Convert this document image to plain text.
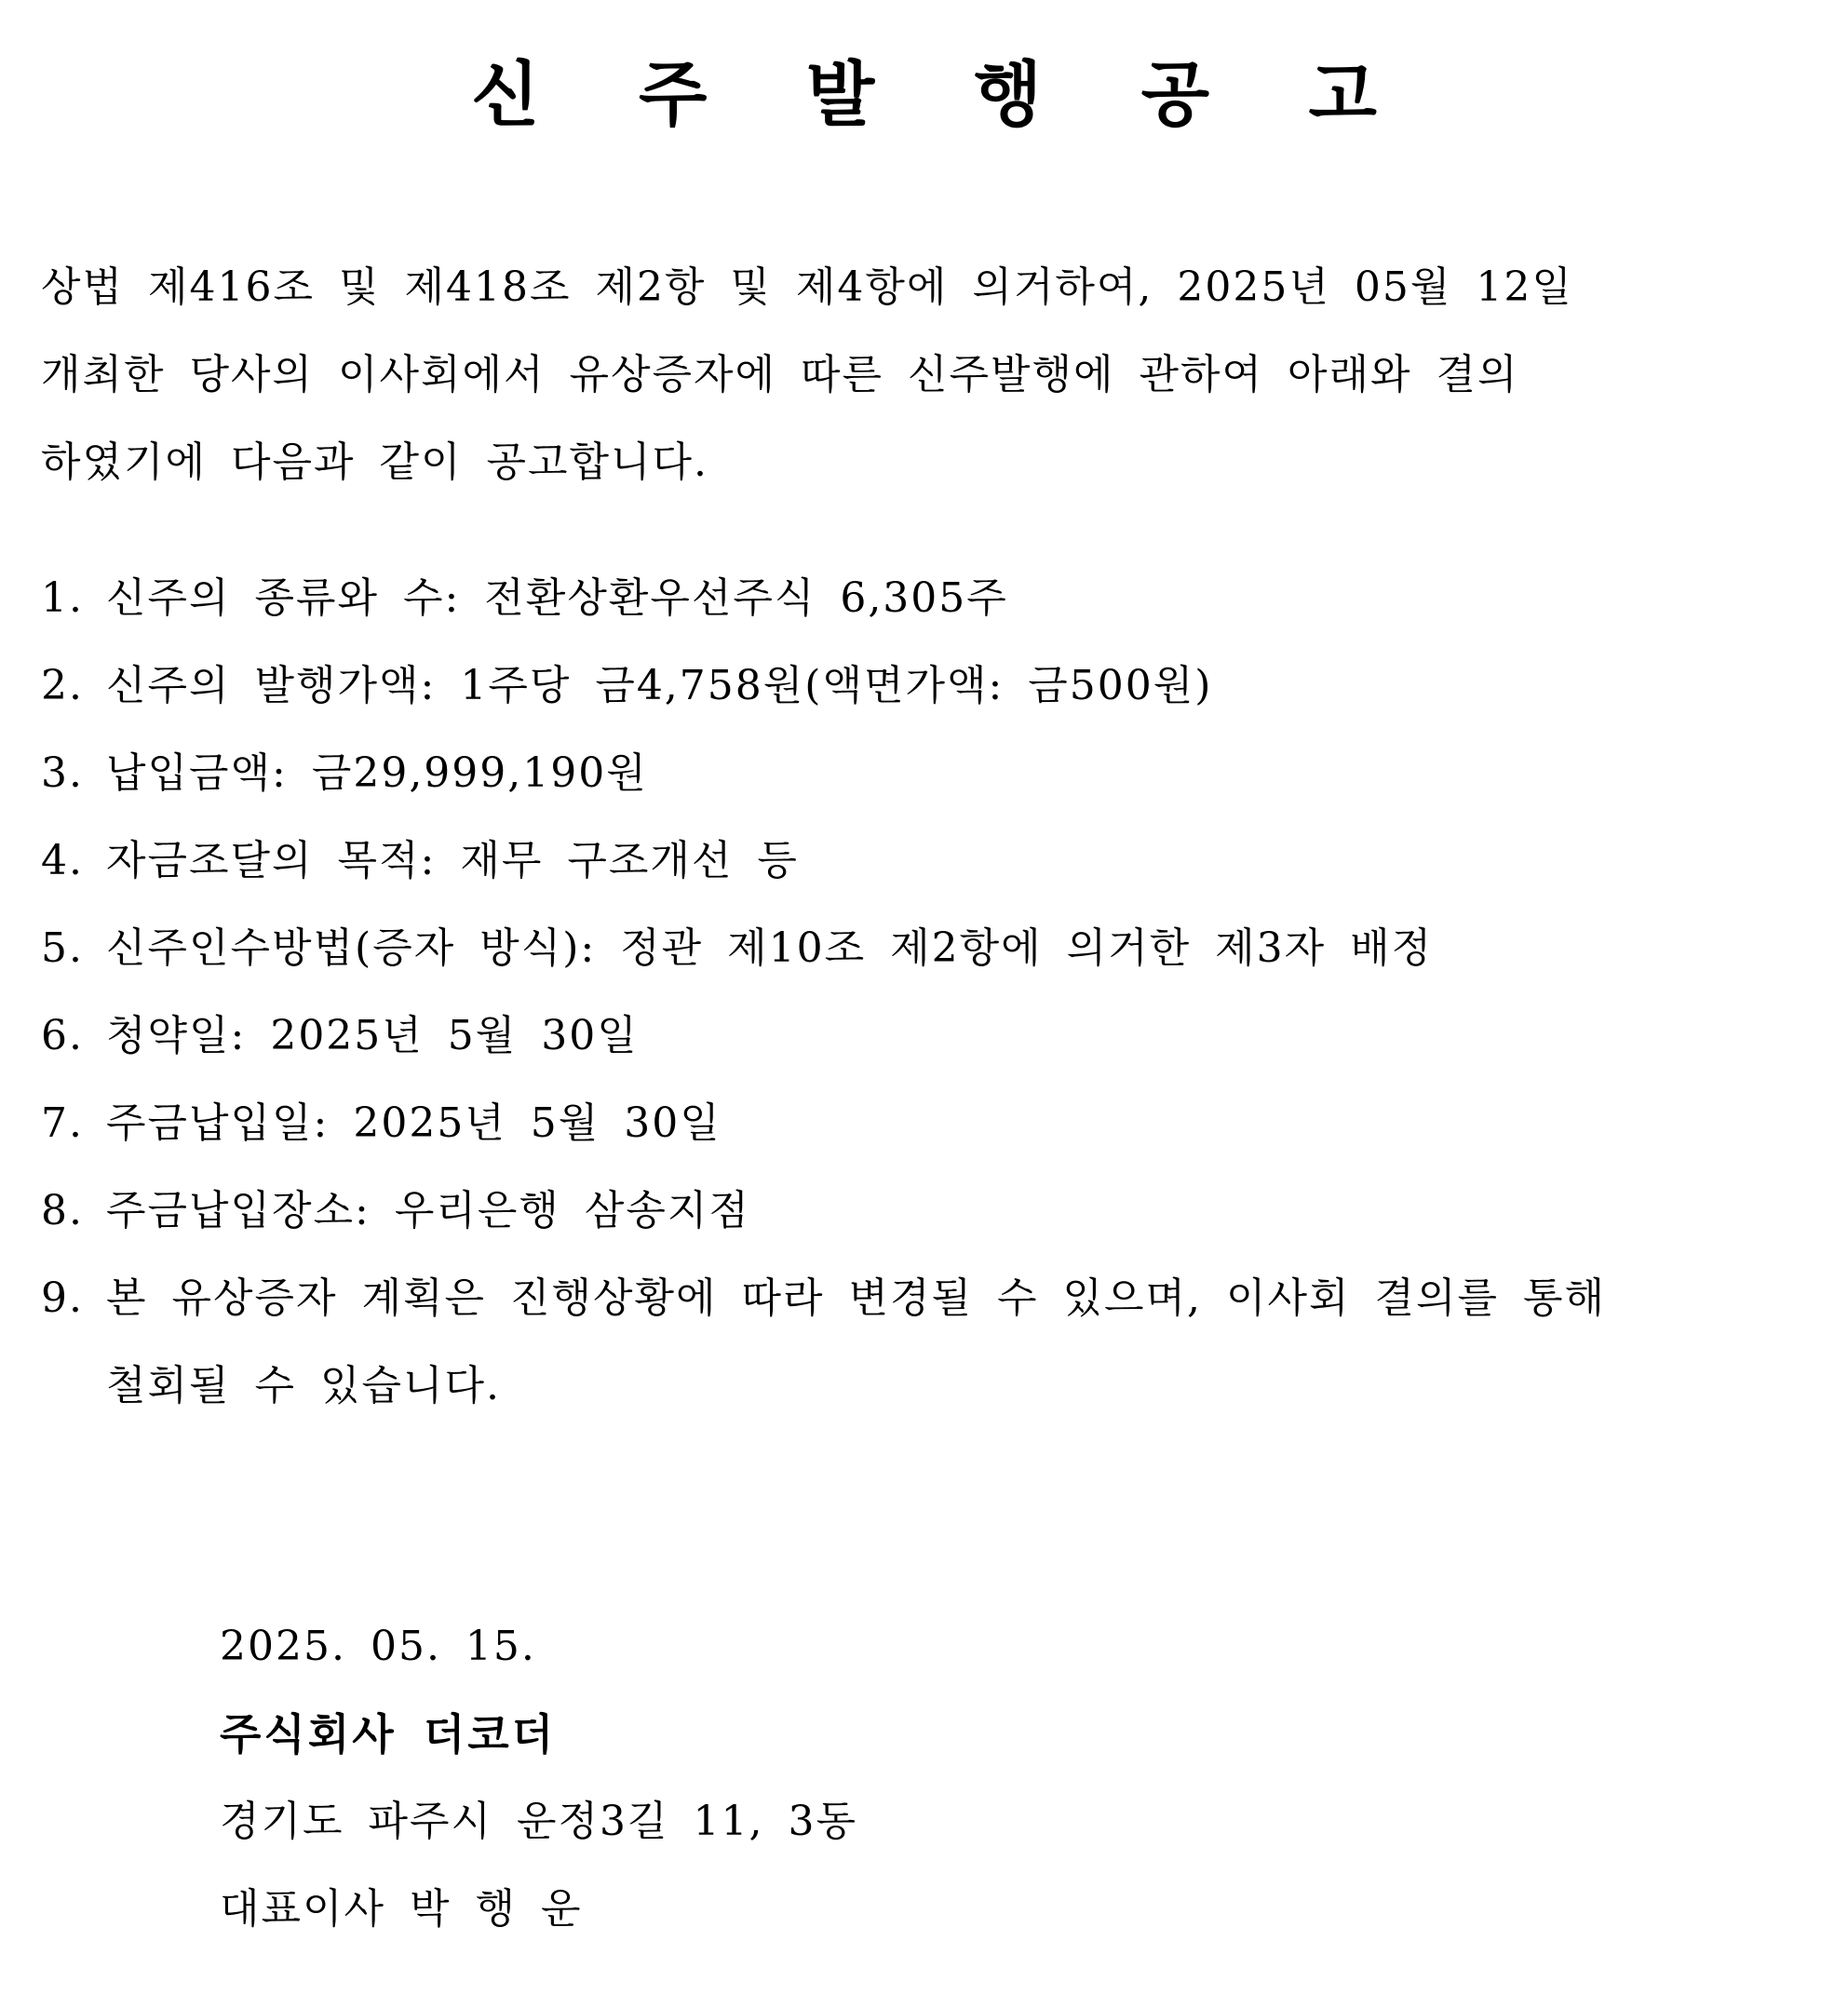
신 주 발 행 공 고
상법 제416조 및 제418조 제2항 및 제4항에 의거하여, 2025년 05월 12일
개최한 당사의 이사회에서 유상증자에 따른 신주발행에 관하여 아래와 결의
하였기에 다음과 같이 공고합니다.
1. 신주의 종류와 수: 전환상환우선주식 6,305주
2. 신주의 발행가액: 1주당 금4,758원(액면가액: 금500원)
3. 납입금액: 금29,999,190원
4. 자금조달의 목적: 재무 구조개선 등
5. 신주인수방법(증자 방식): 정관 제10조 제2항에 의거한 제3자 배정
6. 청약일: 2025년 5월 30일
7. 주금납입일: 2025년 5월 30일
8. 주금납입장소: 우리은행 삼송지점
9. 본 유상증자 계획은 진행상황에 따라 변경될 수 있으며, 이사회 결의를 통해
철회될 수 있습니다.
2025. 05. 15.
주식회사 더코더
경기도 파주시 운정3길 11, 3동
대표이사 박 행 운
